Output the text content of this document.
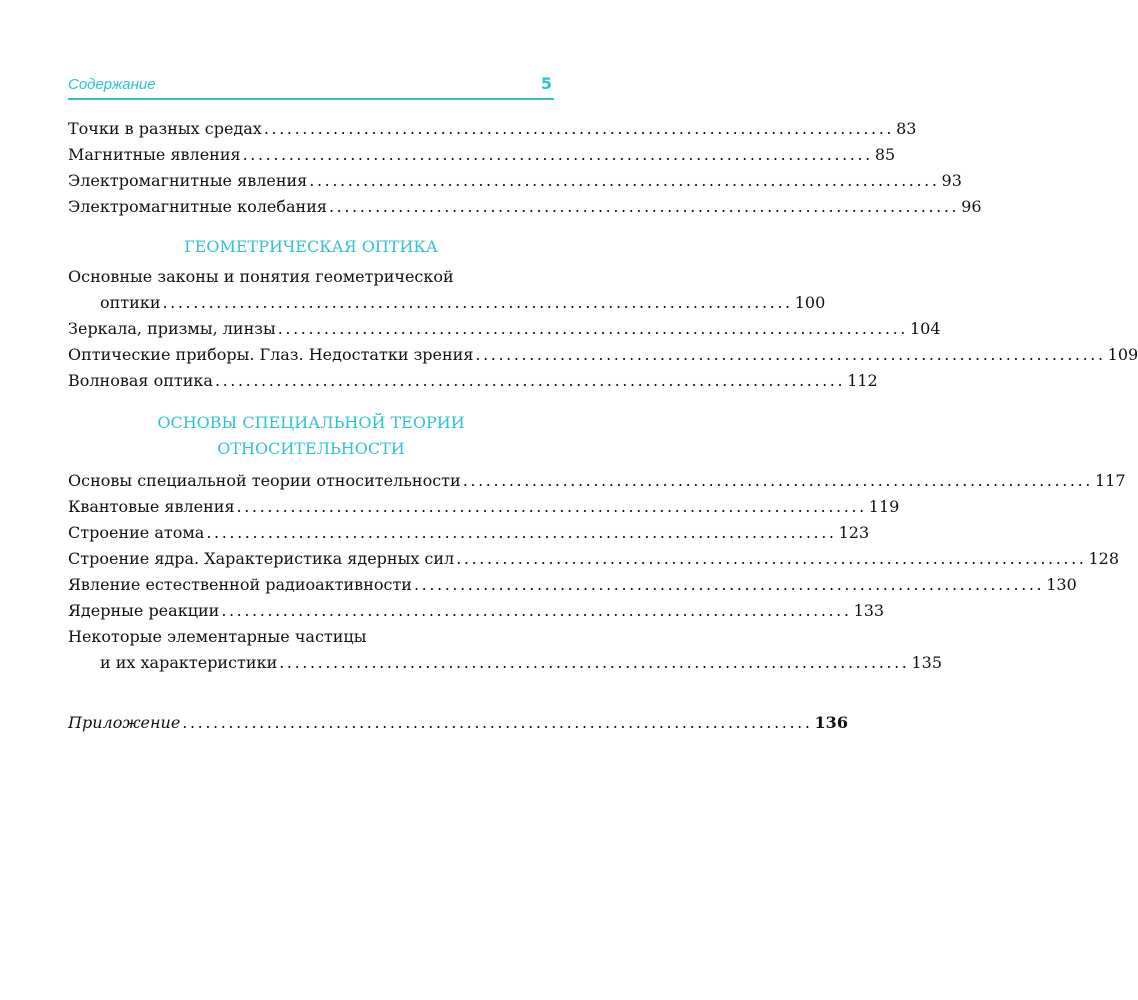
Содержание	5
Точки в разных средах .................................................................................. 83
Магнитные явления .................................................................................. 85
Электромагнитные явления .................................................................................. 93
Электромагнитные колебания .................................................................................. 96
ГЕОМЕТРИЧЕСКАЯ ОПТИКА
Основные законы и понятия геометрической
оптики .................................................................................. 100
Зеркала, призмы, линзы .................................................................................. 104
Оптические приборы. Глаз. Недостатки зрения .................................................................................. 109
Волновая оптика .................................................................................. 112
ОСНОВЫ СПЕЦИАЛЬНОЙ ТЕОРИИ
ОТНОСИТЕЛЬНОСТИ
Основы специальной теории относительности .................................................................................. 117
Квантовые явления .................................................................................. 119
Строение атома .................................................................................. 123
Строение ядра. Характеристика ядерных сил .................................................................................. 128
Явление естественной радиоактивности .................................................................................. 130
Ядерные реакции .................................................................................. 133
Некоторые элементарные частицы
и их характеристики .................................................................................. 135
Приложение .................................................................................. 136
